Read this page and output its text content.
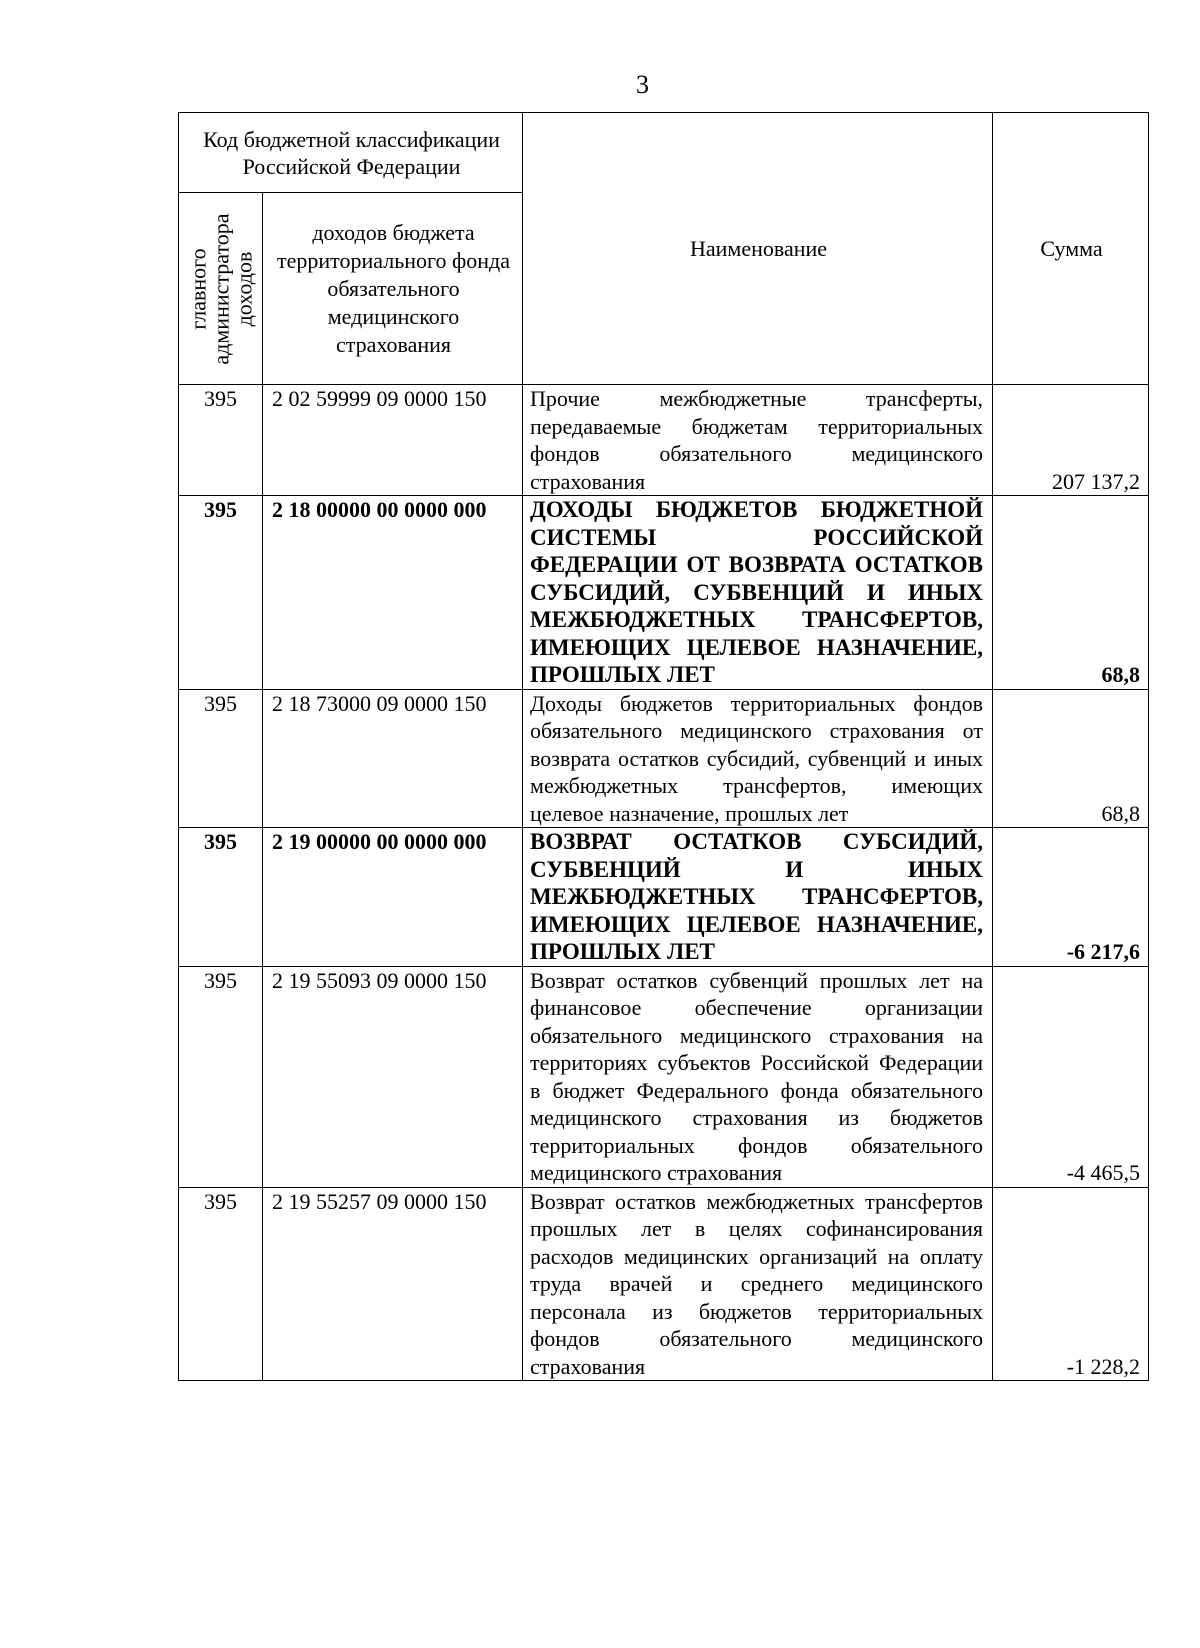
3
Код бюджетной классификации Российской Федерации		Наименование	Сумма

главного администратора доходов	доходов бюджета территориального фонда обязательного медицинского страхования		
395	2 02 59999 09 0000 150	Прочие межбюджетные трансферты, передаваемые бюджетам территориальных фондов обязательного медицинского страхования	207 137,2
395	2 18 00000 00 0000 000	ДОХОДЫ БЮДЖЕТОВ БЮДЖЕТНОЙ СИСТЕМЫ РОССИЙСКОЙ ФЕДЕРАЦИИ ОТ ВОЗВРАТА ОСТАТКОВ СУБСИДИЙ, СУБВЕНЦИЙ И ИНЫХ МЕЖБЮДЖЕТНЫХ ТРАНСФЕРТОВ, ИМЕЮЩИХ ЦЕЛЕВОЕ НАЗНАЧЕНИЕ, ПРОШЛЫХ ЛЕТ	68,8
395	2 18 73000 09 0000 150	Доходы бюджетов территориальных фондов обязательного медицинского страхования от возврата остатков субсидий, субвенций и иных межбюджетных трансфертов, имеющих целевое назначение, прошлых лет	68,8
395	2 19 00000 00 0000 000	ВОЗВРАТ ОСТАТКОВ СУБСИДИЙ, СУБВЕНЦИЙ И ИНЫХ МЕЖБЮДЖЕТНЫХ ТРАНСФЕРТОВ, ИМЕЮЩИХ ЦЕЛЕВОЕ НАЗНАЧЕНИЕ, ПРОШЛЫХ ЛЕТ	-6 217,6
395	2 19 55093 09 0000 150	Возврат остатков субвенций прошлых лет на финансовое обеспечение организации обязательного медицинского страхования на территориях субъектов Российской Федерации в бюджет Федерального фонда обязательного медицинского страхования из бюджетов территориальных фондов обязательного медицинского страхования	-4 465,5
395	2 19 55257 09 0000 150	Возврат остатков межбюджетных трансфертов прошлых лет в целях софинансирования расходов медицинских организаций на оплату труда врачей и среднего медицинского персонала из бюджетов территориальных фондов обязательного медицинского страхования	-1 228,2
